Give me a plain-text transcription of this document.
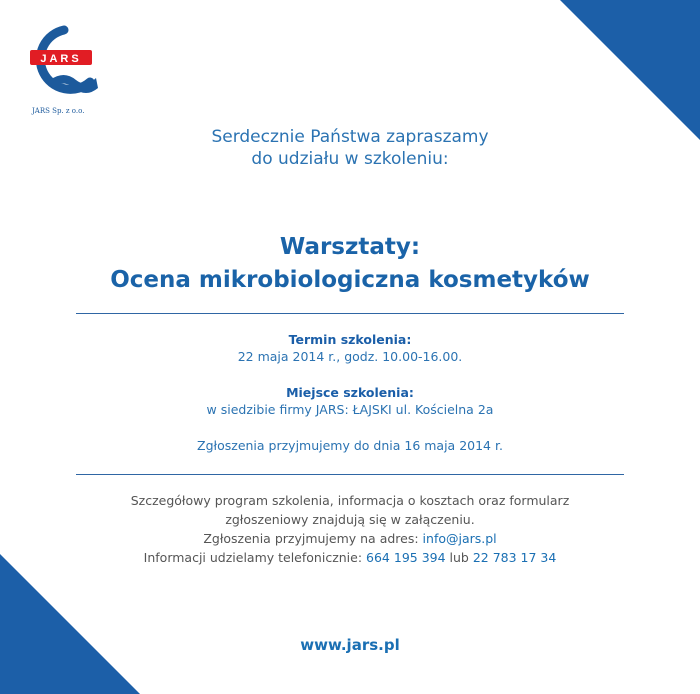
JARS
JARS Sp. z o.o.
Serdecznie Państwa zapraszamy
do udziału w szkoleniu:
Warsztaty:
Ocena mikrobiologiczna kosmetyków
Termin szkolenia:
22 maja 2014 r., godz. 10.00-16.00.
Miejsce szkolenia:
w siedzibie firmy JARS: ŁAJSKI ul. Kościelna 2a
Zgłoszenia przyjmujemy do dnia 16 maja 2014 r.
Szczegółowy program szkolenia, informacja o kosztach oraz formularz
zgłoszeniowy znajdują się w załączeniu.
Zgłoszenia przyjmujemy na adres: info@jars.pl
Informacji udzielamy telefonicznie: 664 195 394 lub 22 783 17 34
www.jars.pl
